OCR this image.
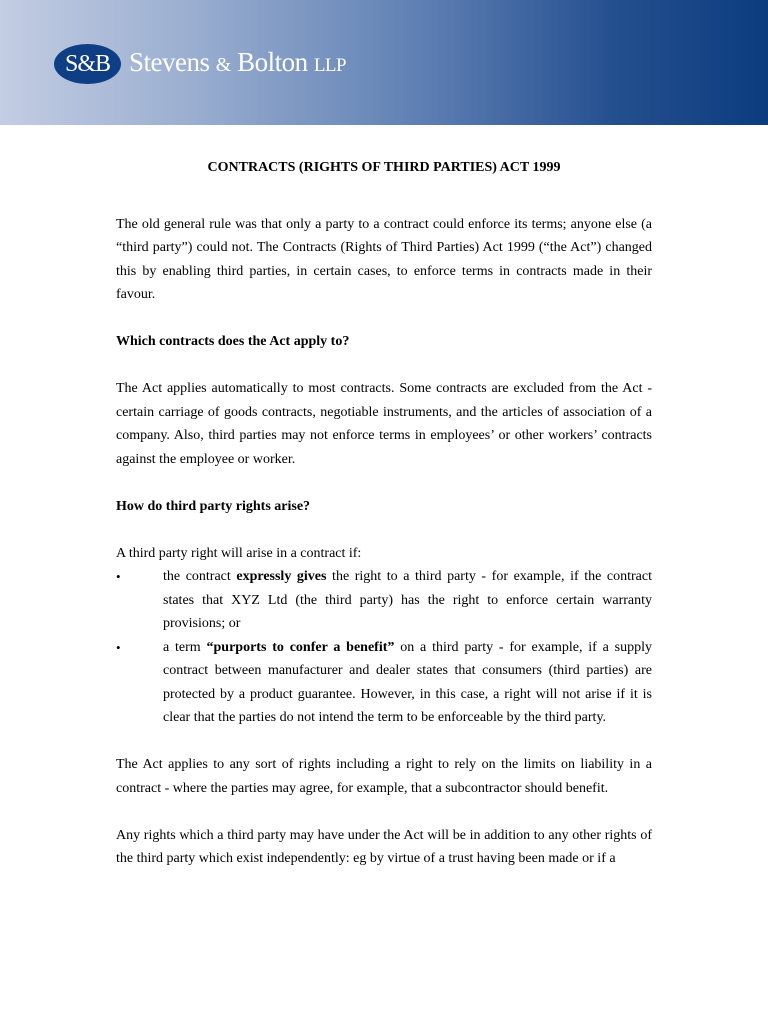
S&B Stevens & Bolton LLP
CONTRACTS (RIGHTS OF THIRD PARTIES) ACT 1999

The old general rule was that only a party to a contract could enforce its terms; anyone else (a “third party”) could not. The Contracts (Rights of Third Parties) Act 1999 (“the Act”) changed this by enabling third parties, in certain cases, to enforce terms in contracts made in their favour.

Which contracts does the Act apply to?

The Act applies automatically to most contracts. Some contracts are excluded from the Act - certain carriage of goods contracts, negotiable instruments, and the articles of association of a company. Also, third parties may not enforce terms in employees’ or other workers’ contracts against the employee or worker.

How do third party rights arise?

A third party right will arise in a contract if:

•	the contract expressly gives the right to a third party - for example, if the contract states that XYZ Ltd (the third party) has the right to enforce certain warranty provisions; or
•	a term “purports to confer a benefit” on a third party - for example, if a supply contract between manufacturer and dealer states that consumers (third parties) are protected by a product guarantee. However, in this case, a right will not arise if it is clear that the parties do not intend the term to be enforceable by the third party.

The Act applies to any sort of rights including a right to rely on the limits on liability in a contract - where the parties may agree, for example, that a subcontractor should benefit.

Any rights which a third party may have under the Act will be in addition to any other rights of the third party which exist independently: eg by virtue of a trust having been made or if a
